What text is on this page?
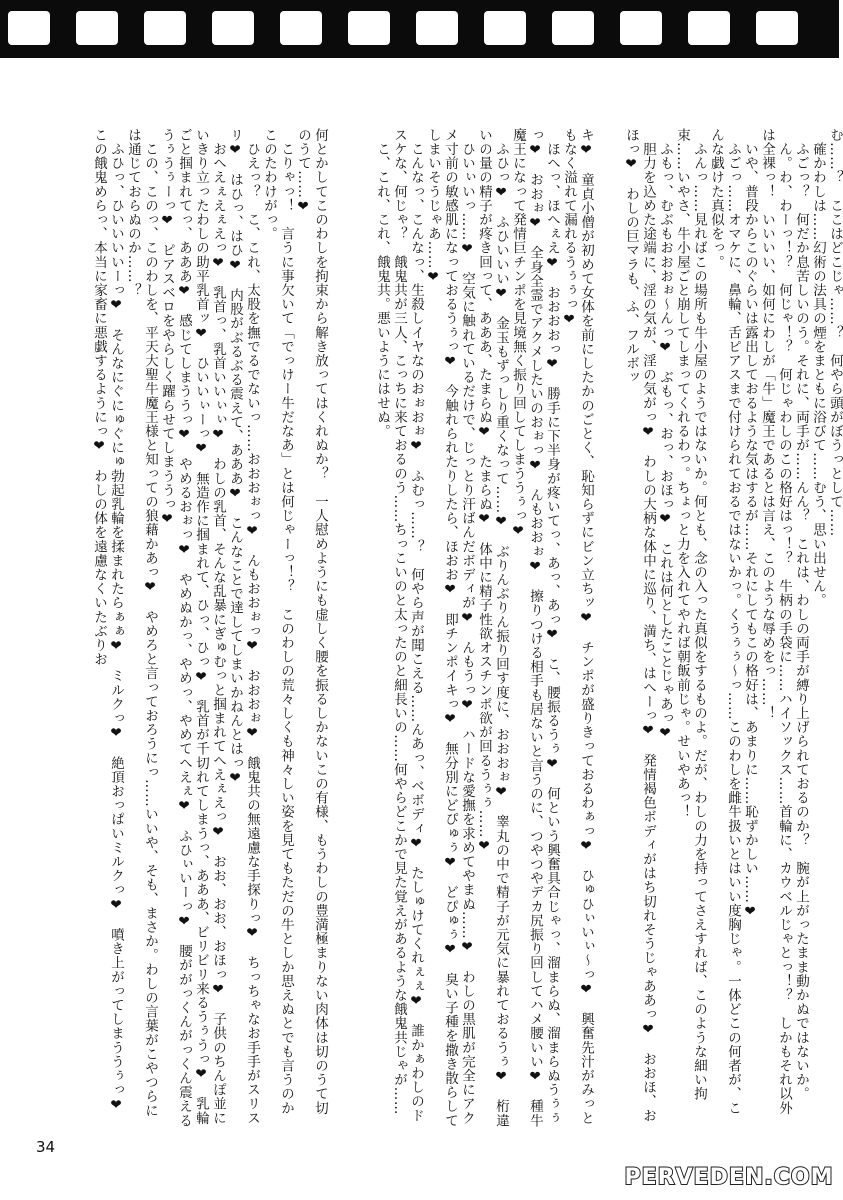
む……？　ここはどこじゃ……？　何やら頭がぼうっとして……
　確かわしは……幻術の法具の煙をまともに浴びて……むう、思い出せん。
　ふごっ？　何だか息苦しいのう。それに、両手が……んん？　これは、わしの両手が縛り上げられておるのか？　腕が上がったまま動かぬではないか。
　ん。わ、わーっ！？　何じゃ！？　何じゃわしのこの格好はっ！？　牛柄の手袋に……ハイソックス……首輪に、カウベルじゃとっ！？　しかもそれ以外は全裸っ！　いいいい、如何にわしが「牛」魔王であるとは言え、このような辱めをっ……！
　いや、普段からこのぐらいは露出しておるような気はするが……それにしてもこの格好は、あまりに……恥ずかしい……❤
　ふごっ……オマケに、鼻輪、舌ピアスまで付けられておるではないかっ。くうぅぅ～っ……このわしを雌牛扱いとはいい度胸じゃ。一体どこの何者が、こんな戯けた真似をっ。
　ふんっ……見ればこの場所も牛小屋のようではないか。何とも、念の入った真似をするものよ。だが、わしの力を持ってさえすれば、このような細い拘束……いやさ、牛小屋ごと崩してしまってくれるわっ。ちょっと力を入れてやれば朝飯前じゃ。せいやあっ！
　ふもっ、むぶもおおおぉ～んっ❤　ぶもっ、おっ、おほっ❤　これは何としたことじゃあっ❤
　胆力を込めた途端に、淫の気が、淫の気がっ❤　わしの大柄な体中に巡り、満ち、はへーっ❤　発情褐色ボディがはち切れそうじゃああっ❤　おおほ、おほっ❤　わしの巨マラも、ふ、フルボッ
キ❤　童貞小僧が初めて女体を前にしたかのごとく、恥知らずにビン立ちッ❤　チンポが盛りきっておるわぁっ❤　ひゅひぃいぃ～っ❤　興奮先汁がみっともなく溢れて漏れるうぅぅっ❤
　ほへっ、ほへぇえ❤　おおおおっ❤　勝手に下半身が疼いてっ、あっ、あっ❤　こ、腰振るうぅ❤　何という興奮具合じゃっ、溜まらぬ、溜まらぬうぅぅっ❤　おおぉ❤　全身全霊でアクメしたいのおぉっ❤　んもおおぉ❤　擦りつける相手も居ないと言うのに、つやつやデカ尻振り回してハメ腰いい❤　種牛魔王になって発情巨チンポを見境無く振り回してしまううぅっ❤
　ふひっ❤　ふひいいい❤　金玉もずっしり重くなって……❤　ぶりんぶりん振り回す度に、おおおぉ❤　睾丸の中で精子が元気に暴れておるうぅ❤　桁違いの量の精子が疼き回って、あああ、たまらぬ❤　たまらぬ❤　体中に精子性欲オスチンポ欲が回るうぅぅ……❤
　ひいぃいっ……❤　空気に触れているだけで、じっとり汗ばんだボディが❤　んもうっ❤　ハードな愛撫を求めてやまぬ……❤　わしの黒肌が完全にアクメ寸前の敏感肌になっておるうぅっ❤　今触れられたりしたら、ほおお❤　即チンポイキっ❤　無分別にどぴゅぅ❤　どぴゅぅ❤　臭い子種を撒き散らしてしまいそうじゃあ……❤
　こんなっ、こんなっ、生殺しイヤなのおぉおぉ❤　ふむっ……？　何やら声が聞こえる……んあっ、ベボディ❤　たしゅけてくれぇぇ❤　誰かぁわしのドスケな、何じゃ？　餓鬼共が三人、こっちに来ておるのう……ちっこいのと太ったのと細長いの……何やらどこかで見た覚えがあるような餓鬼共じゃが……
　こ、これ、これ、餓鬼共。悪いようにはせぬ。
何とかしてこのわしを拘束から解き放ってはくれぬか？　一人慰めようにも虚しく腰を振るしかないこの有様、もうわしの豊満極まりない肉体は切のうて切のうて……❤
　こりゃっ！　言うに事欠いて「でっけー牛だなあ」とは何じゃーっ！？　このわしの荒々しくも神々しい姿を見てもただの牛としか思えぬとでも言うのかこのたわけがっ。
　ひえっ？　こ、これ、太股を撫でるでないっ……おおおぉっ❤　んもおおぉっ❤　おおおぉ❤　餓鬼共の無遠慮な手探りっ❤　ちっちゃなお手手がスリスリ❤　はひっ、はひ❤　内股がぶるぶる震えて、あああ❤　こんなことで達してしまいかねんとはっ❤
　おへえぇえぇえっ❤　乳首っ、乳首いいぃぃ❤　わしの乳首、そんな乱暴にぎゅむっと掴まれてへえぇえっ❤　おお、おお、おほっ❤　子供のちんぽ並にいきり立ったわしの助平乳首ッ❤　ひいいぃーっ❤　無造作に掴まれて、ひっ、ひっ❤　乳首が千切れてしまうっ、あああ、ビリビリ来るうぅうっ❤　乳輪ごと掴まれてっ、あああ❤　感じてしまううっ❤　やめるおぉっ❤　やめぬかっ、やめっ、やめてへえぇ❤　ふひぃいーっ❤　腰ががっくんがっくん震えるうぅうぅーっ❤　ピアスベロをやらしく躍らせてしまううっ❤
　この、このっ、このわしを、平天大聖牛魔王様と知っての狼藉かあっ❤　やめろと言っておろうにっ……いいや、そも、まさか。わしの言葉がこやつらには通じておらぬのか……？
　ふひっ、ひいいいいーっ❤　そんなにぐにゅぐにゅ勃起乳輪を揉まれたらぁぁ❤　ミルクっ❤　絶頂おっぱいミルクっ❤　噴き上がってしまううぅっ❤　この餓鬼めらっ、本当に家畜に悪戯するようにっ❤　わしの体を遠慮なくいたぶりお
34
PERVEDEN.COM
